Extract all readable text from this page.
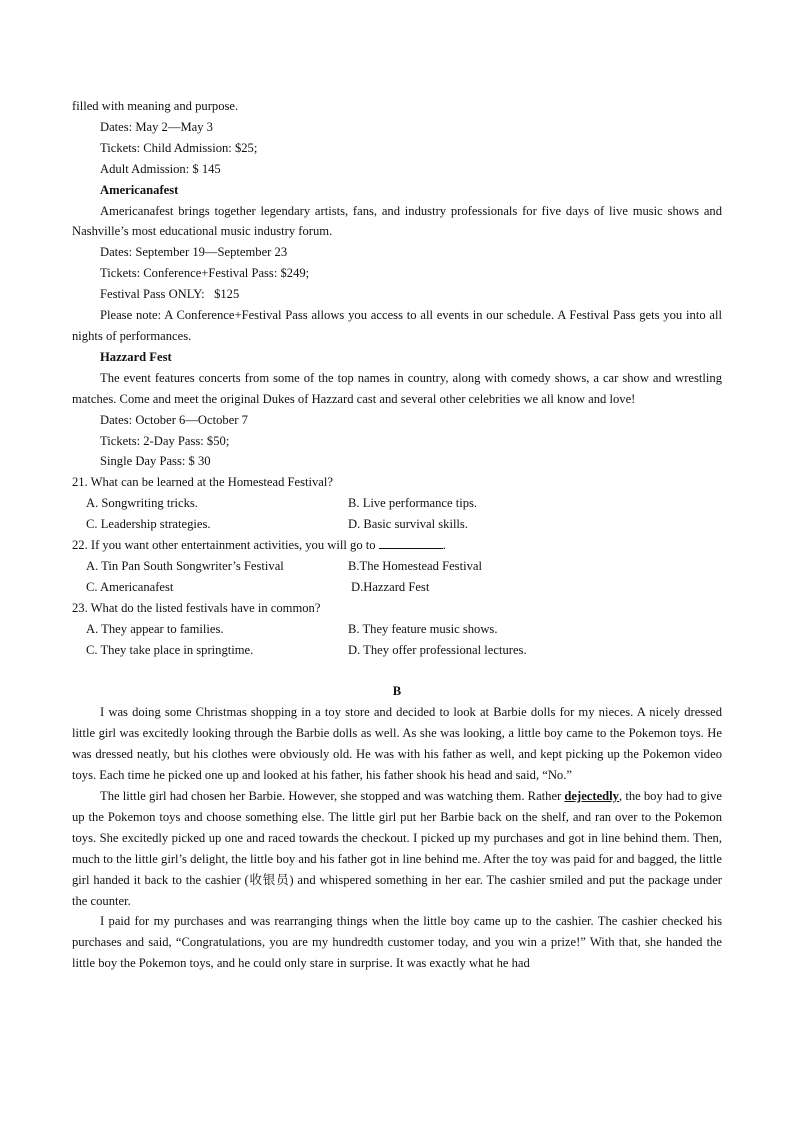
filled with meaning and purpose.

Dates: May 2—May 3

Tickets: Child Admission: $25;

Adult Admission: $ 145

Americanafest

Americanafest brings together legendary artists, fans, and industry professionals for five days of live music shows and Nashville’s most educational music industry forum.

Dates: September 19—September 23

Tickets: Conference+Festival Pass: $249;

Festival Pass ONLY:   $125

Please note: A Conference+Festival Pass allows you access to all events in our schedule. A Festival Pass gets you into all nights of performances.

Hazzard Fest

The event features concerts from some of the top names in country, along with comedy shows, a car show and wrestling matches. Come and meet the original Dukes of Hazzard cast and several other celebrities we all know and love!

Dates: October 6—October 7

Tickets: 2-Day Pass: $50;

Single Day Pass: $ 30

21. What can be learned at the Homestead Festival?

A. Songwriting tricks.	B. Live performance tips.
C. Leadership strategies.	D. Basic survival skills.

22. If you want other entertainment activities, you will go to	.

A. Tin Pan South Songwriter’s Festival	B.The Homestead Festival
C. Americanafest	D.Hazzard Fest

23. What do the listed festivals have in common?

A. They appear to families.	B. They feature music shows.
C. They take place in springtime.	D. They offer professional lectures.

B

I was doing some Christmas shopping in a toy store and decided to look at Barbie dolls for my nieces. A nicely dressed little girl was excitedly looking through the Barbie dolls as well. As she was looking, a little boy came to the Pokemon toys. He was dressed neatly, but his clothes were obviously old. He was with his father as well, and kept picking up the Pokemon video toys. Each time he picked one up and looked at his father, his father shook his head and said, “No.”

The little girl had chosen her Barbie. However, she stopped and was watching them. Rather dejectedly, the boy had to give up the Pokemon toys and choose something else. The little girl put her Barbie back on the shelf, and ran over to the Pokemon toys. She excitedly picked up one and raced towards the checkout. I picked up my purchases and got in line behind them. Then, much to the little girl’s delight, the little boy and his father got in line behind me. After the toy was paid for and bagged, the little girl handed it back to the cashier (收银员) and whispered something in her ear. The cashier smiled and put the package under the counter.

I paid for my purchases and was rearranging things when the little boy came up to the cashier. The cashier checked his purchases and said, “Congratulations, you are my hundredth customer today, and you win a prize!” With that, she handed the little boy the Pokemon toys, and he could only stare in surprise. It was exactly what he had
